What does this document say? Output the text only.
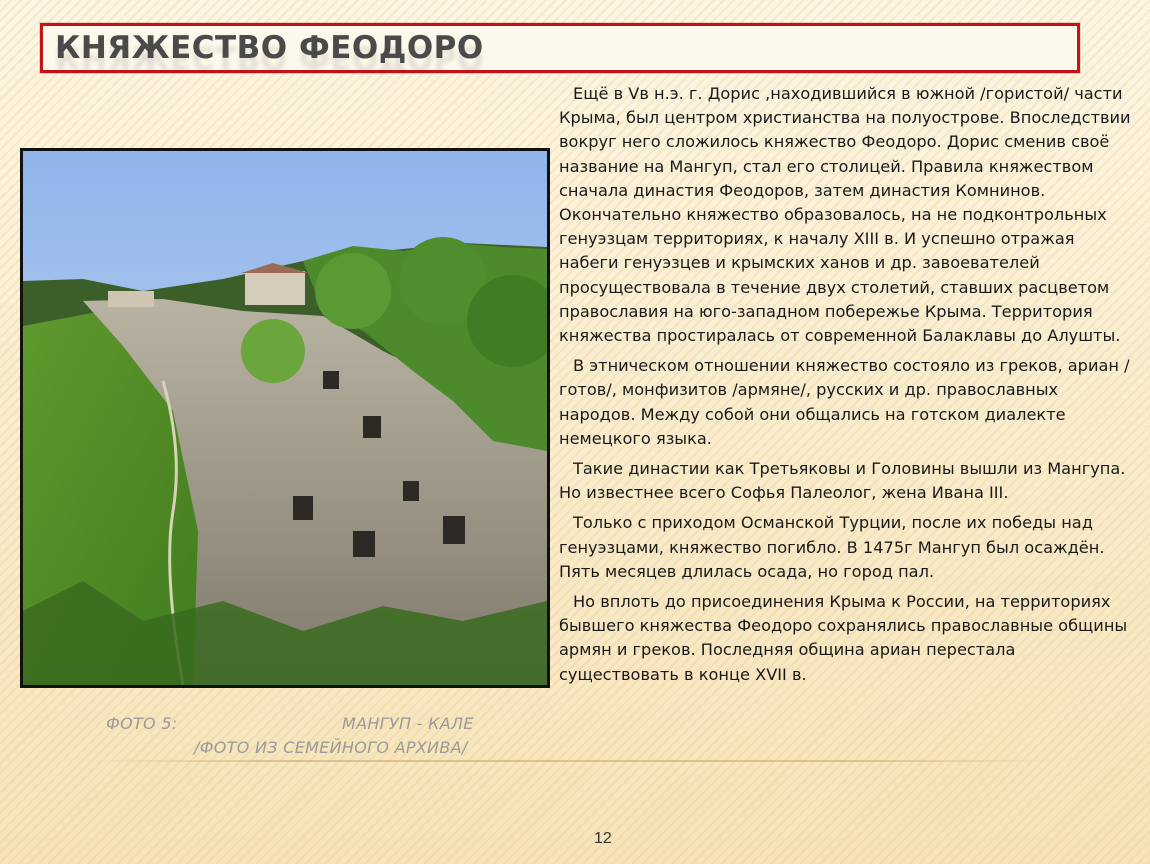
КНЯЖЕСТВО ФЕОДОРО
ФОТО 5:	МАНГУП - КАЛЕ
/ФОТО ИЗ СЕМЕЙНОГО АРХИВА/

Ещё в Vв н.э. г. Дорис ,находившийся в южной /гористой/ части Крыма, был центром христианства на полуострове. Впоследствии вокруг него сложилось княжество Феодоро. Дорис сменив своё название на Мангуп, стал его столицей. Правила княжеством сначала династия Феодоров, затем династия Комнинов. Окончательно княжество образовалось, на не подконтрольных генуэзцам территориях, к началу XIII в. И успешно отражая набеги генуэзцев и крымских ханов и др. завоевателей просуществовала в течение двух столетий, ставших расцветом православия на юго-западном побережье Крыма. Территория княжества простиралась от современной Балаклавы до Алушты.

В этническом отношении княжество состояло из греков, ариан /готов/, монфизитов /армяне/, русских и др. православных народов. Между собой они общались на готском диалекте немецкого языка.

Такие династии как Третьяковы и Головины вышли из Мангупа. Но известнее всего Софья Палеолог, жена Ивана III.

Только с приходом Османской Турции, после их победы над генуэзцами, княжество погибло. В 1475г Мангуп был осаждён. Пять месяцев длилась осада, но город пал.

Но вплоть до присоединения Крыма к России, на территориях бывшего княжества Феодоро сохранялись православные общины армян и греков. Последняя община ариан перестала существовать в конце XVII в.

12
